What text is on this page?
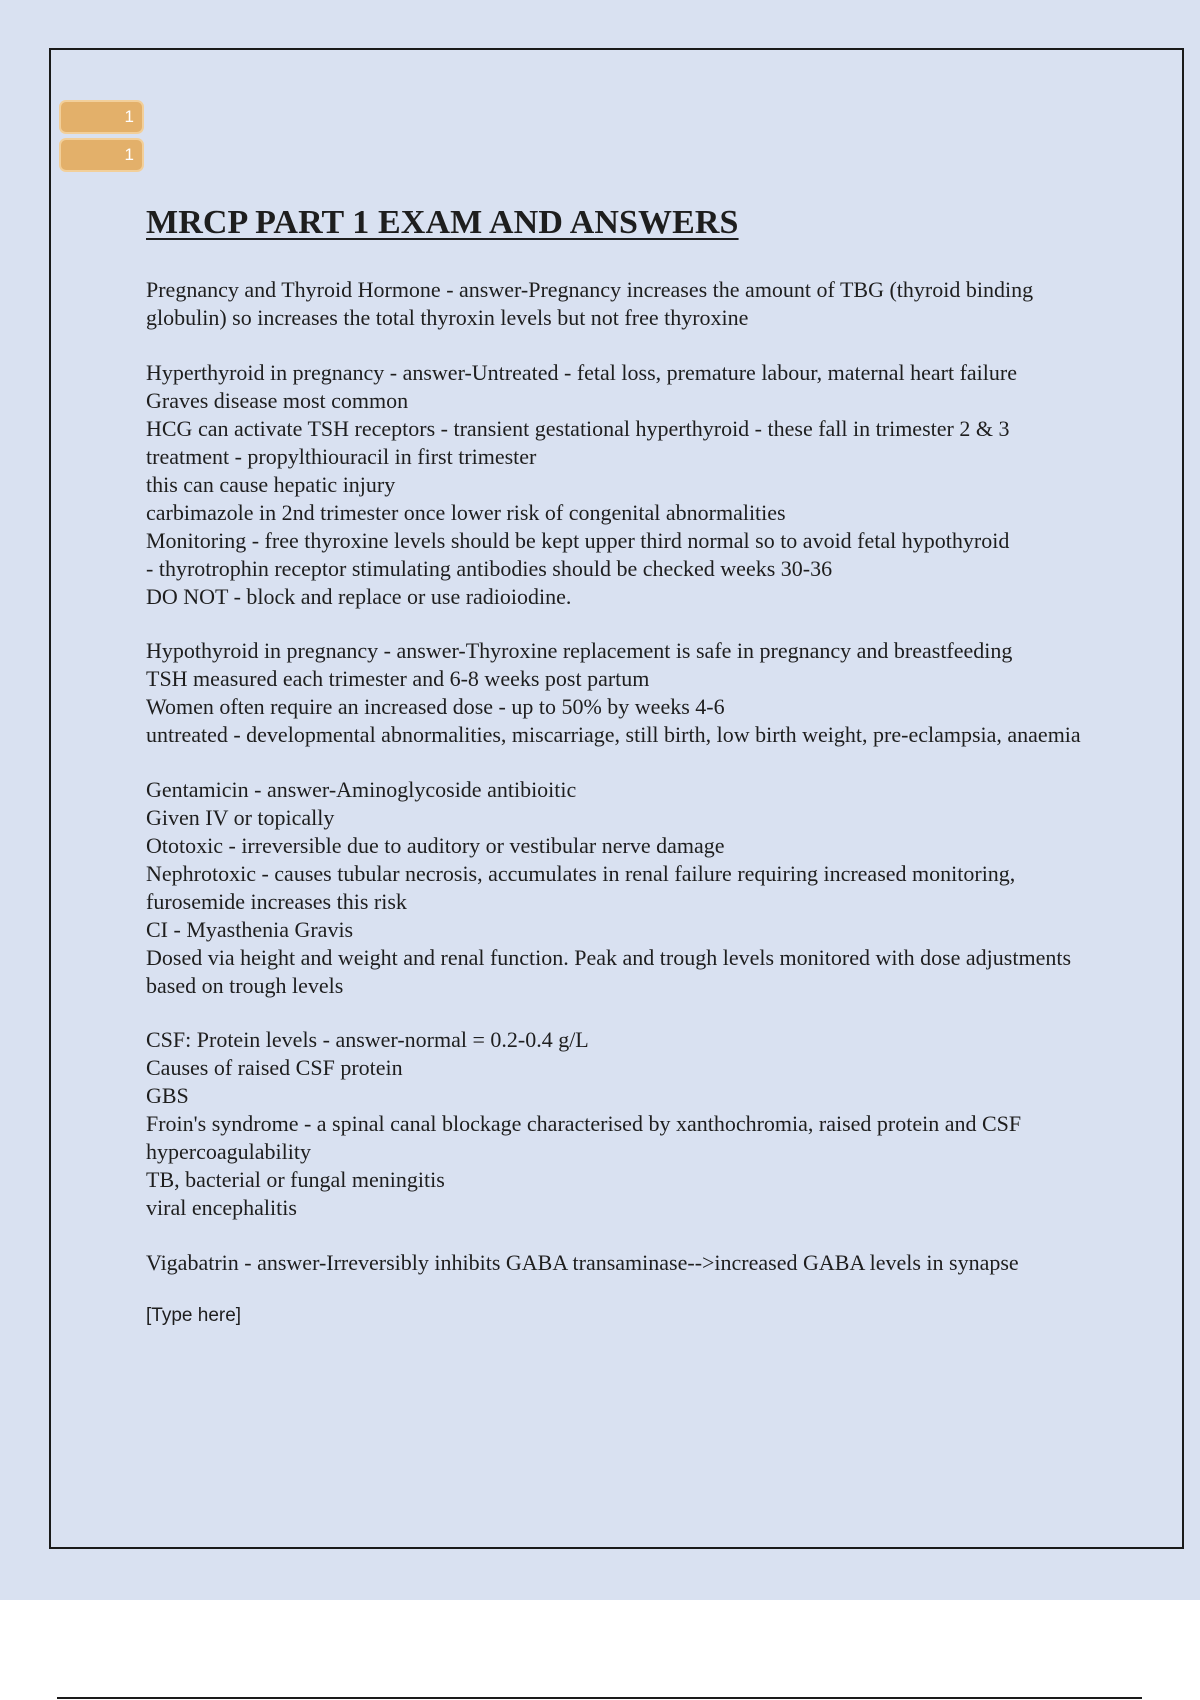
1
1
MRCP PART 1 EXAM AND ANSWERS
Pregnancy and Thyroid Hormone - answer-Pregnancy increases the amount of TBG (thyroid binding globulin) so increases the total thyroxin levels but not free thyroxine
Hyperthyroid in pregnancy - answer-Untreated - fetal loss, premature labour, maternal heart failure
Graves disease most common
HCG can activate TSH receptors - transient gestational hyperthyroid - these fall in trimester 2 & 3
treatment - propylthiouracil in first trimester
this can cause hepatic injury
carbimazole in 2nd trimester once lower risk of congenital abnormalities
Monitoring - free thyroxine levels should be kept upper third normal so to avoid fetal hypothyroid
- thyrotrophin receptor stimulating antibodies should be checked weeks 30-36
DO NOT - block and replace or use radioiodine.
Hypothyroid in pregnancy - answer-Thyroxine replacement is safe in pregnancy and breastfeeding
TSH measured each trimester and 6-8 weeks post partum
Women often require an increased dose - up to 50% by weeks 4-6
untreated - developmental abnormalities, miscarriage, still birth, low birth weight, pre-eclampsia, anaemia
Gentamicin - answer-Aminoglycoside antibioitic
Given IV or topically
Ototoxic - irreversible due to auditory or vestibular nerve damage
Nephrotoxic - causes tubular necrosis, accumulates in renal failure requiring increased monitoring, furosemide increases this risk
CI - Myasthenia Gravis
Dosed via height and weight and renal function. Peak and trough levels monitored with dose adjustments based on trough levels
CSF: Protein levels - answer-normal = 0.2-0.4 g/L
Causes of raised CSF protein
GBS
Froin's syndrome - a spinal canal blockage characterised by xanthochromia, raised protein and CSF hypercoagulability
TB, bacterial or fungal meningitis
viral encephalitis
Vigabatrin - answer-Irreversibly inhibits GABA transaminase-->increased GABA levels in synapse
[Type here]
